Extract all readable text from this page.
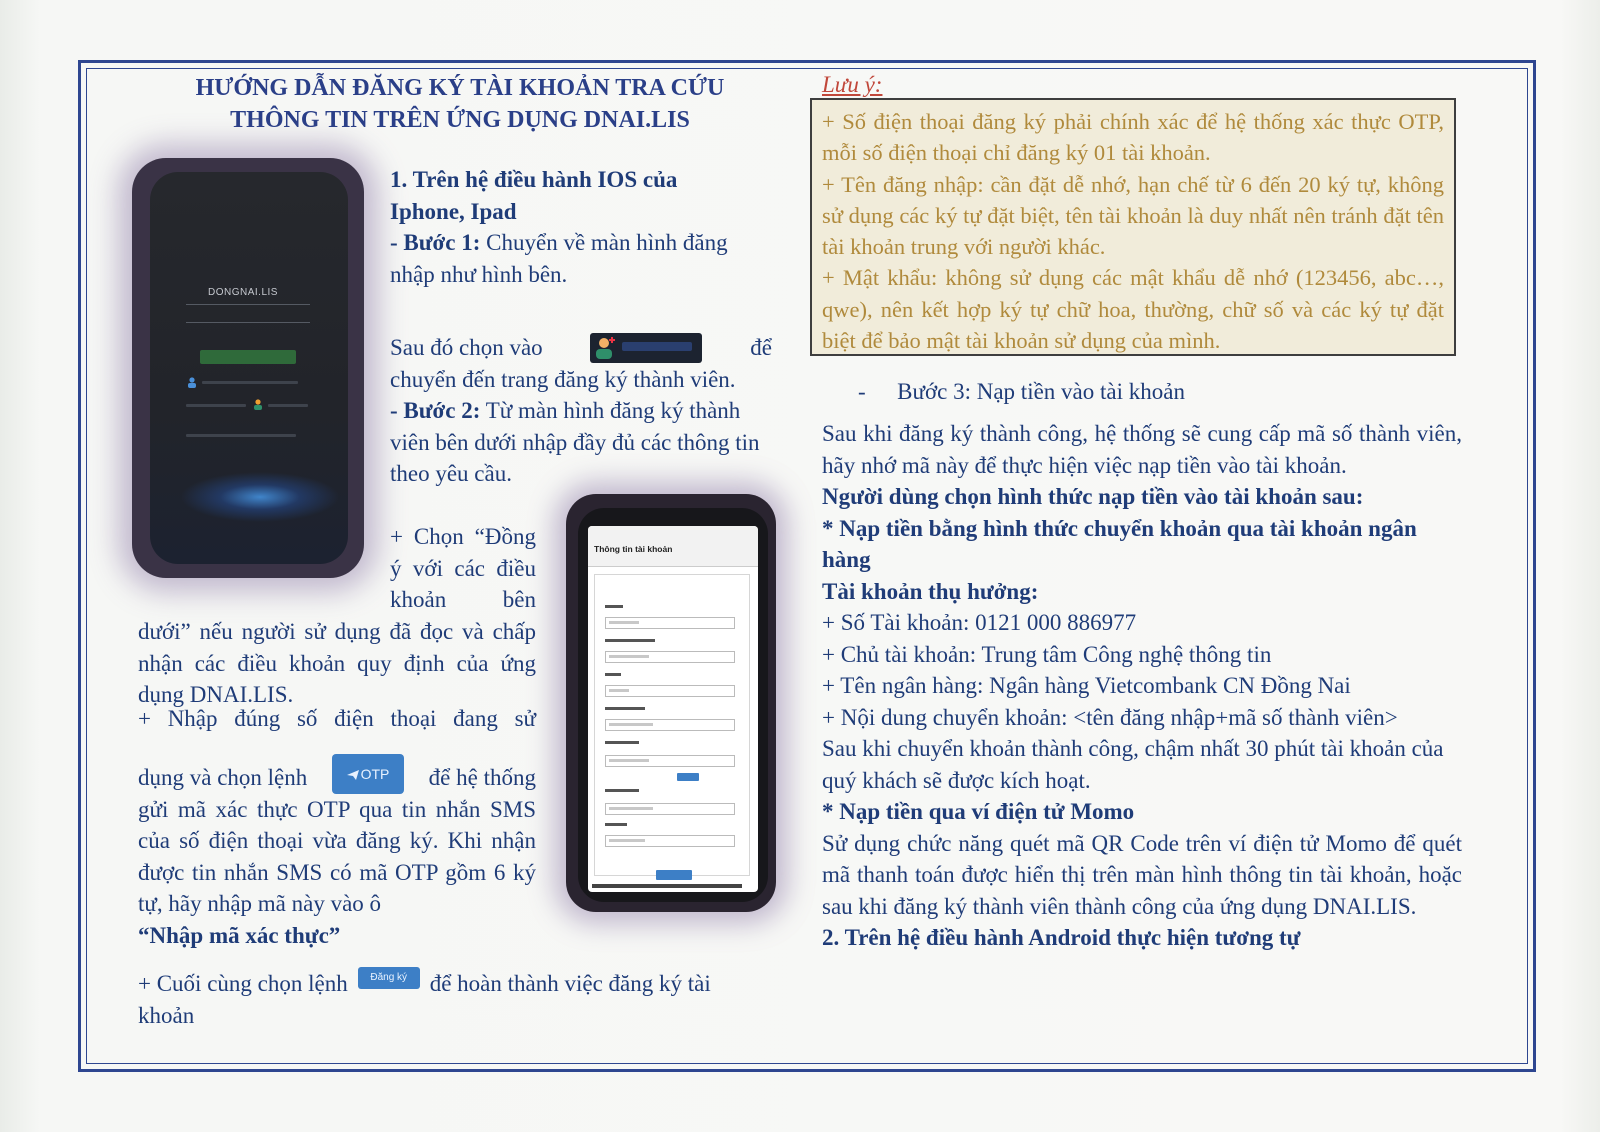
HƯỚNG DẪN ĐĂNG KÝ TÀI KHOẢN TRA CỨU
THÔNG TIN TRÊN ỨNG DỤNG DNAI.LIS
DONGNAI.LIS

1. Trên hệ điều hành IOS của

Iphone, Ipad

- Bước 1: Chuyển về màn hình đăng nhập như hình bên.

Sau đó chọn vào	để

chuyển đến trang đăng ký thành viên.

- Bước 2: Từ màn hình đăng ký thành viên bên dưới nhập đầy đủ các thông tin theo yêu cầu.

+ Chọn “Đồng ý với các điều khoản bên

dưới” nếu người sử dụng đã đọc và chấp nhận các điều khoản quy định của ứng dụng DNAI.LIS.

+ Nhập đúng số điện thoại đang sử

dụng và chọn lệnh	OTP	để hệ thống

gửi mã xác thực OTP qua tin nhắn SMS của số điện thoại vừa đăng ký. Khi nhận được tin nhắn SMS có mã OTP gồm 6 ký tự, hãy nhập mã này vào ô

“Nhập mã xác thực”

+ Cuối cùng chọn lệnh	Đăng ký để hoàn thành việc đăng ký tài

khoản

Thông tin tài khoản
Lưu ý:

+ Số điện thoại đăng ký phải chính xác để hệ thống xác thực OTP, mỗi số điện thoại chỉ đăng ký 01 tài khoản.

+ Tên đăng nhập: cần đặt dễ nhớ, hạn chế từ 6 đến 20 ký tự, không sử dụng các ký tự đặt biệt, tên tài khoản là duy nhất nên tránh đặt tên tài khoản trung với người khác.

+ Mật khẩu: không sử dụng các mật khẩu dễ nhớ (123456, abc…, qwe), nên kết hợp ký tự chữ hoa, thường, chữ số và các ký tự đặt biệt để bảo mật tài khoản sử dụng của mình.

- Bước 3: Nạp tiền vào tài khoản

Sau khi đăng ký thành công, hệ thống sẽ cung cấp mã số thành viên, hãy nhớ mã này để thực hiện việc nạp tiền vào tài khoản.

Người dùng chọn hình thức nạp tiền vào tài khoản sau:

* Nạp tiền bằng hình thức chuyển khoản qua tài khoản ngân hàng

Tài khoản thụ hưởng:

+ Số Tài khoản: 0121 000 886977

+ Chủ tài khoản: Trung tâm Công nghệ thông tin

+ Tên ngân hàng: Ngân hàng Vietcombank CN Đồng Nai

+ Nội dung chuyển khoản: <tên đăng nhập+mã số thành viên>

Sau khi chuyển khoản thành công, chậm nhất 30 phút tài khoản của quý khách sẽ được kích hoạt.

* Nạp tiền qua ví điện tử Momo

Sử dụng chức năng quét mã QR Code trên ví điện tử Momo để quét mã thanh toán được hiển thị trên màn hình thông tin tài khoản, hoặc sau khi đăng ký thành viên thành công của ứng dụng DNAI.LIS.

2. Trên hệ điều hành Android thực hiện tương tự
